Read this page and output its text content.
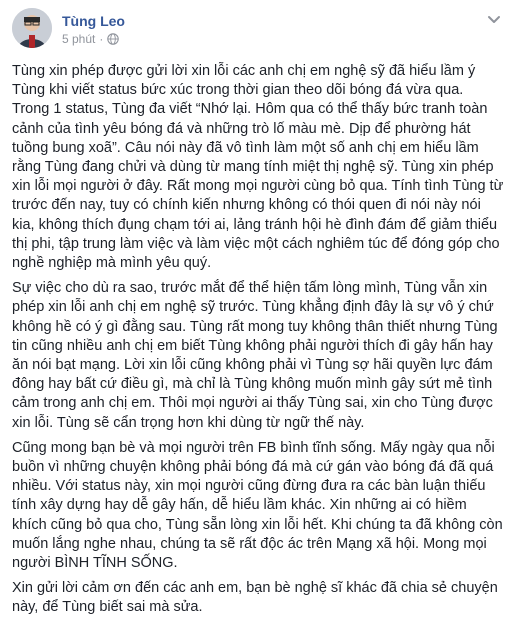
Tùng Leo
5 phút ·

Tùng xin phép được gửi lời xin lỗi các anh chị em nghệ sỹ đã hiểu lầm ý Tùng khi viết status bức xúc trong thời gian theo dõi bóng đá vừa qua. Trong 1 status, Tùng đa viết “Nhớ lại. Hôm qua có thể thấy bức tranh toàn cảnh của tình yêu bóng đá và những trò lố màu mè. Dịp để phường hát tuồng bung xoã”. Câu nói này đã vô tình làm một số anh chị em hiểu lầm rằng Tùng đang chửi và dùng từ mang tính miệt thị nghệ sỹ. Tùng xin phép xin lỗi mọi người ở đây. Rất mong mọi người cùng bỏ qua. Tính tình Tùng từ trước đến nay, tuy có chính kiến nhưng không có thói quen đi nói này nói kia, không thích đụng chạm tới ai, lảng tránh hội hè đình đám để giảm thiểu thị phi, tập trung làm việc và làm việc một cách nghiêm túc để đóng góp cho nghề nghiệp mà mình yêu quý.

Sự việc cho dù ra sao, trước mắt để thể hiện tấm lòng mình, Tùng vẫn xin phép xin lỗi anh chị em nghệ sỹ trước. Tùng khẳng định đây là sự vô ý chứ không hề có ý gì đằng sau. Tùng rất mong tuy không thân thiết nhưng Tùng tin cũng nhiều anh chị em biết Tùng không phải người thích đi gây hấn hay ăn nói bạt mạng. Lời xin lỗi cũng không phải vì Tùng sợ hãi quyền lực đám đông hay bất cứ điều gì, mà chỉ là Tùng không muốn mình gây sứt mẻ tình cảm trong anh chị em. Thôi mọi người ai thấy Tùng sai, xin cho Tùng được xin lỗi. Tùng sẽ cẩn trọng hơn khi dùng từ ngữ thế này.

Cũng mong bạn bè và mọi người trên FB bình tĩnh sống. Mấy ngày qua nỗi buồn vì những chuyện không phải bóng đá mà cứ gán vào bóng đá đã quá nhiều. Với status này, xin mọi người cũng đừng đưa ra các bàn luận thiếu tính xây dựng hay dễ gây hấn, dễ hiểu lầm khác. Xin những ai có hiềm khích cũng bỏ qua cho, Tùng sẵn lòng xin lỗi hết. Khi chúng ta đã không còn muốn lắng nghe nhau, chúng ta sẽ rất độc ác trên Mạng xã hội. Mong mọi người BÌNH TĨNH SỐNG.

Xin gửi lời cảm ơn đến các anh em, bạn bè nghệ sĩ khác đã chia sẻ chuyện này, để Tùng biết sai mà sửa.
